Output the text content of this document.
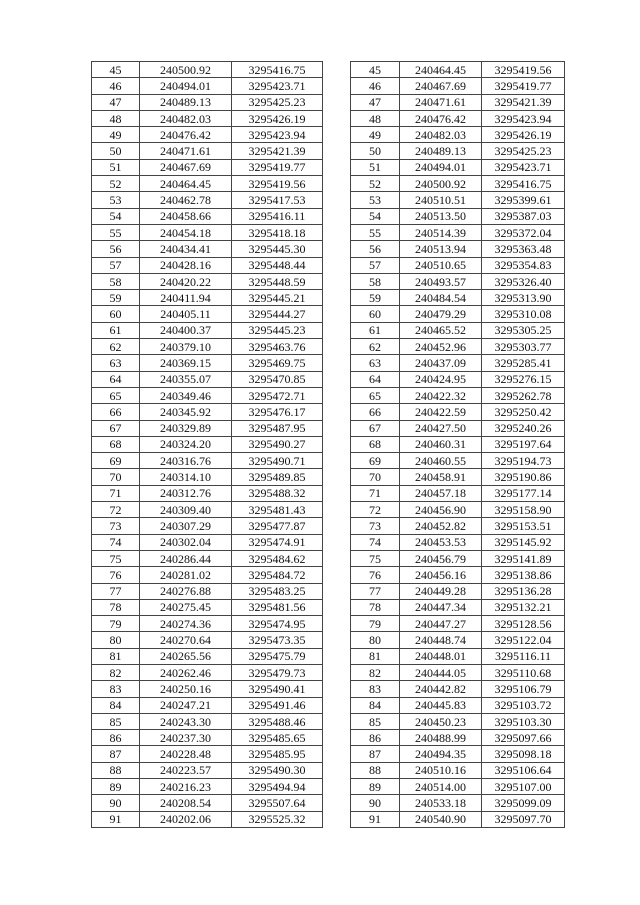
45	240500.92	3295416.75
46	240494.01	3295423.71
47	240489.13	3295425.23
48	240482.03	3295426.19
49	240476.42	3295423.94
50	240471.61	3295421.39
51	240467.69	3295419.77
52	240464.45	3295419.56
53	240462.78	3295417.53
54	240458.66	3295416.11
55	240454.18	3295418.18
56	240434.41	3295445.30
57	240428.16	3295448.44
58	240420.22	3295448.59
59	240411.94	3295445.21
60	240405.11	3295444.27
61	240400.37	3295445.23
62	240379.10	3295463.76
63	240369.15	3295469.75
64	240355.07	3295470.85
65	240349.46	3295472.71
66	240345.92	3295476.17
67	240329.89	3295487.95
68	240324.20	3295490.27
69	240316.76	3295490.71
70	240314.10	3295489.85
71	240312.76	3295488.32
72	240309.40	3295481.43
73	240307.29	3295477.87
74	240302.04	3295474.91
75	240286.44	3295484.62
76	240281.02	3295484.72
77	240276.88	3295483.25
78	240275.45	3295481.56
79	240274.36	3295474.95
80	240270.64	3295473.35
81	240265.56	3295475.79
82	240262.46	3295479.73
83	240250.16	3295490.41
84	240247.21	3295491.46
85	240243.30	3295488.46
86	240237.30	3295485.65
87	240228.48	3295485.95
88	240223.57	3295490.30
89	240216.23	3295494.94
90	240208.54	3295507.64
91	240202.06	3295525.32
45	240464.45	3295419.56
46	240467.69	3295419.77
47	240471.61	3295421.39
48	240476.42	3295423.94
49	240482.03	3295426.19
50	240489.13	3295425.23
51	240494.01	3295423.71
52	240500.92	3295416.75
53	240510.51	3295399.61
54	240513.50	3295387.03
55	240514.39	3295372.04
56	240513.94	3295363.48
57	240510.65	3295354.83
58	240493.57	3295326.40
59	240484.54	3295313.90
60	240479.29	3295310.08
61	240465.52	3295305.25
62	240452.96	3295303.77
63	240437.09	3295285.41
64	240424.95	3295276.15
65	240422.32	3295262.78
66	240422.59	3295250.42
67	240427.50	3295240.26
68	240460.31	3295197.64
69	240460.55	3295194.73
70	240458.91	3295190.86
71	240457.18	3295177.14
72	240456.90	3295158.90
73	240452.82	3295153.51
74	240453.53	3295145.92
75	240456.79	3295141.89
76	240456.16	3295138.86
77	240449.28	3295136.28
78	240447.34	3295132.21
79	240447.27	3295128.56
80	240448.74	3295122.04
81	240448.01	3295116.11
82	240444.05	3295110.68
83	240442.82	3295106.79
84	240445.83	3295103.72
85	240450.23	3295103.30
86	240488.99	3295097.66
87	240494.35	3295098.18
88	240510.16	3295106.64
89	240514.00	3295107.00
90	240533.18	3295099.09
91	240540.90	3295097.70
